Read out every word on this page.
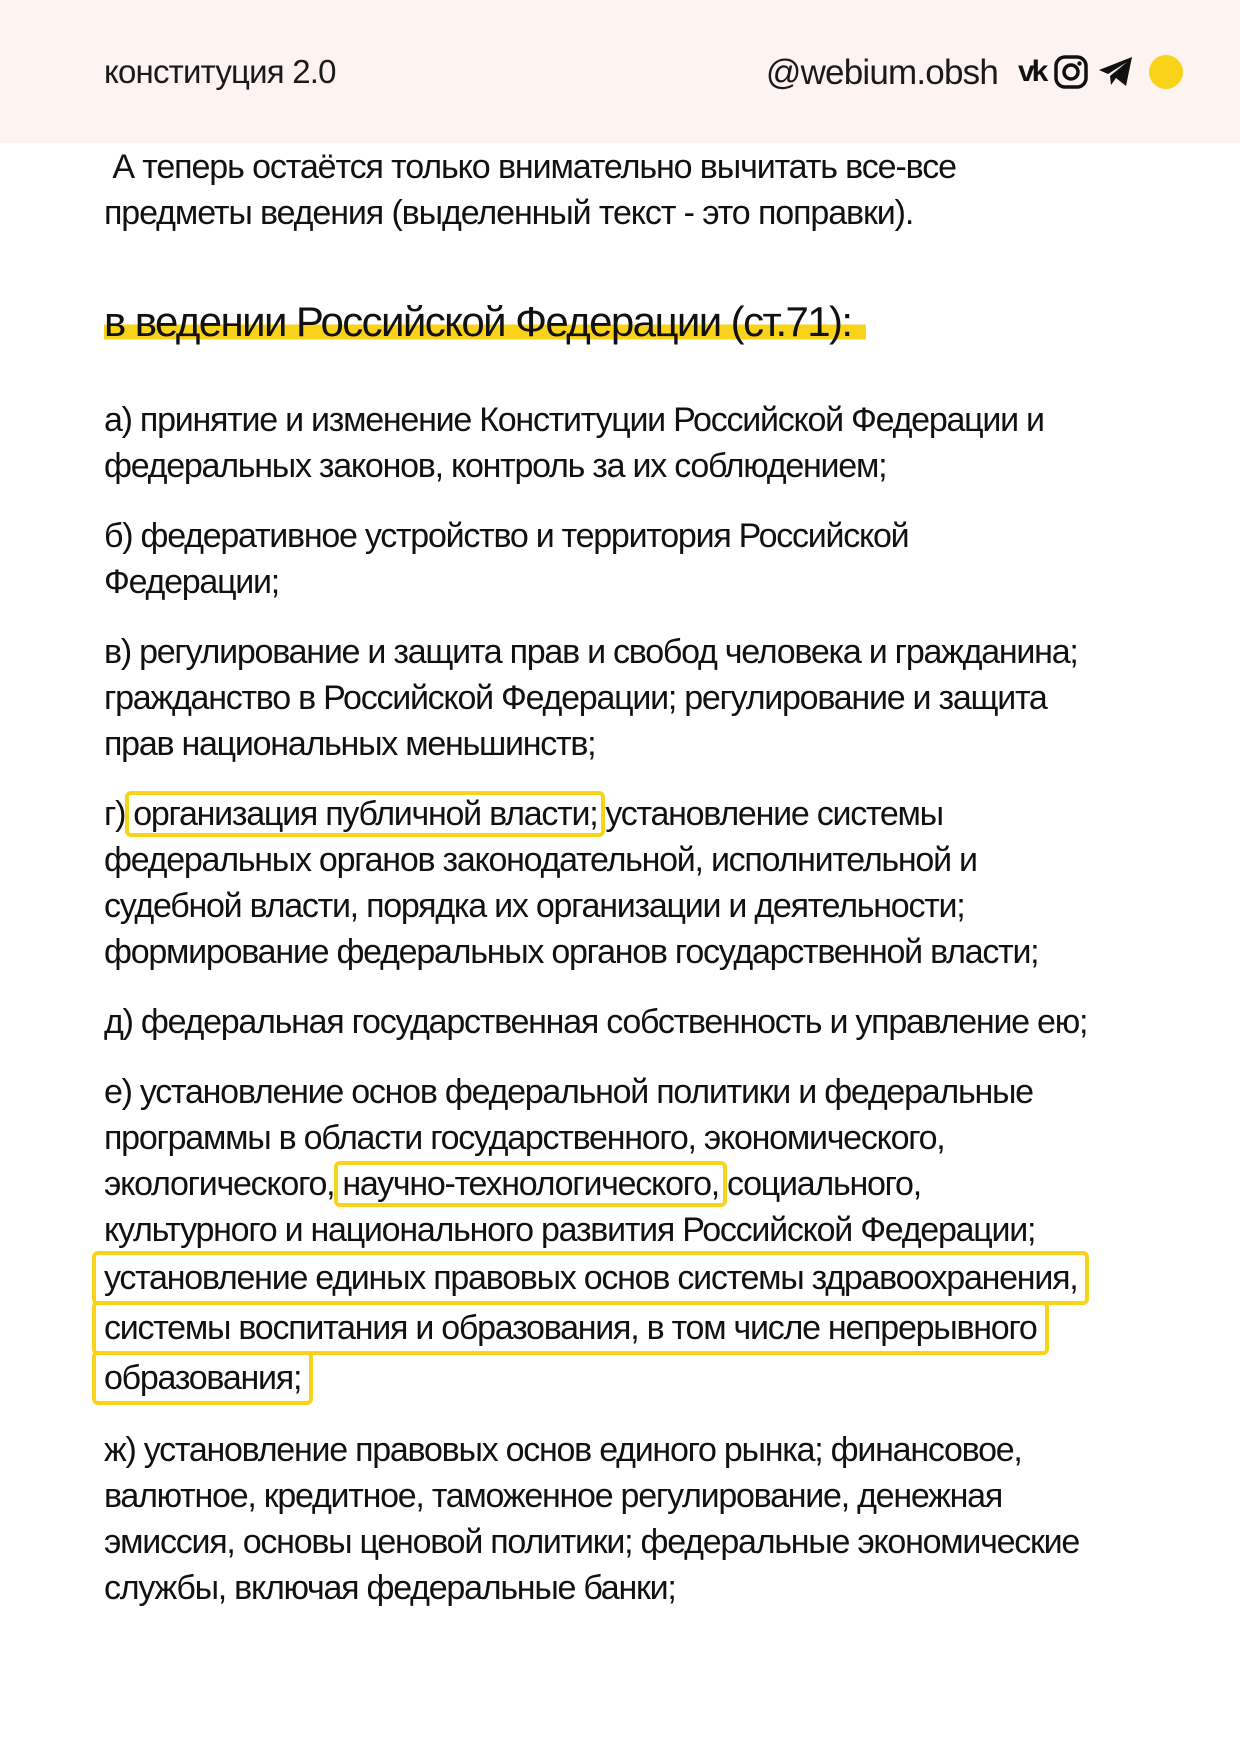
конституция 2.0	@webium.obsh vk

А теперь остаётся только внимательно вычитать все-все
предметы ведения (выделенный текст - это поправки).

в ведении Российской Федерации (ст.71):

а) принятие и изменение Конституции Российской Федерации и
федеральных законов, контроль за их соблюдением;

б) федеративное устройство и территория Российской
Федерации;

в) регулирование и защита прав и свобод человека и гражданина;
гражданство в Российской Федерации; регулирование и защита
прав национальных меньшинств;

г) организация публичной власти; установление системы
федеральных органов законодательной, исполнительной и
судебной власти, порядка их организации и деятельности;
формирование федеральных органов государственной власти;

д) федеральная государственная собственность и управление ею;

е) установление основ федеральной политики и федеральные
программы в области государственного, экономического,
экологического, научно-технологического, социального,
культурного и национального развития Российской Федерации;
установление единых правовых основ системы здравоохранения,
системы воспитания и образования, в том числе непрерывного
образования;

ж) установление правовых основ единого рынка; финансовое,
валютное, кредитное, таможенное регулирование, денежная
эмиссия, основы ценовой политики; федеральные экономические
службы, включая федеральные банки;
